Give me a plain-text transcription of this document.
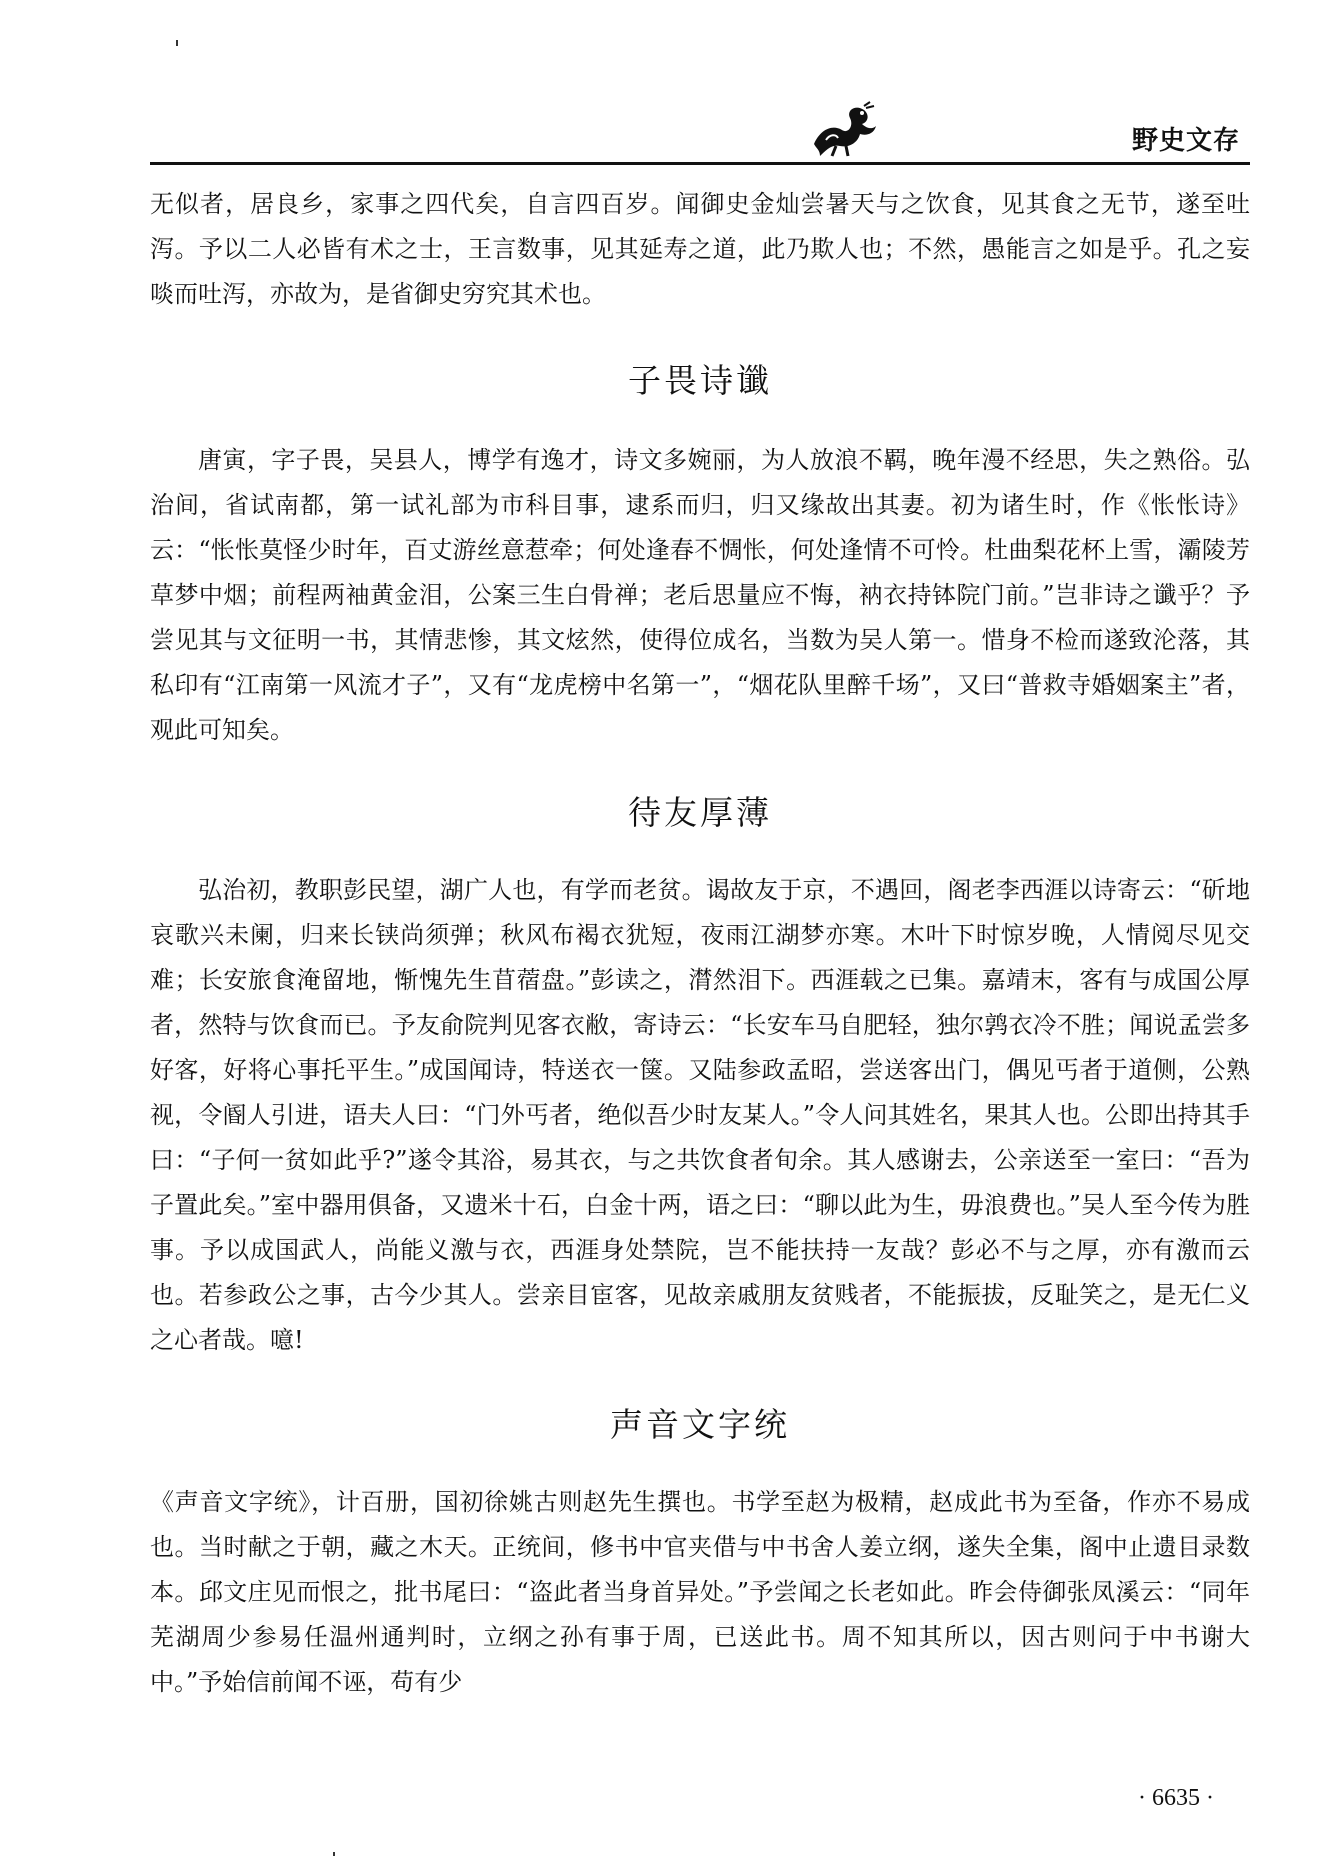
野史文存

无似者，居良乡，家事之四代矣，自言四百岁。闻御史金灿尝暑天与之饮食，见其食之无节，遂至吐泻。予以二人必皆有术之士，王言数事，见其延寿之道，此乃欺人也；不然，愚能言之如是乎。孔之妄啖而吐泻，亦故为，是省御史穷究其术也。

子畏诗谶

唐寅，字子畏，吴县人，博学有逸才，诗文多婉丽，为人放浪不羁，晚年漫不经思，失之熟俗。弘治间，省试南都，第一试礼部为市科目事，逮系而归，归又缘故出其妻。初为诸生时，作《怅怅诗》云：“怅怅莫怪少时年，百丈游丝意惹牵；何处逢春不惆怅，何处逢情不可怜。杜曲梨花杯上雪，灞陵芳草梦中烟；前程两袖黄金泪，公案三生白骨禅；老后思量应不悔，衲衣持钵院门前。”岂非诗之谶乎？予尝见其与文征明一书，其情悲惨，其文炫然，使得位成名，当数为吴人第一。惜身不检而遂致沦落，其私印有“江南第一风流才子”，又有“龙虎榜中名第一”，“烟花队里醉千场”，又曰“普救寺婚姻案主”者，观此可知矣。

待友厚薄

弘治初，教职彭民望，湖广人也，有学而老贫。谒故友于京，不遇回，阁老李西涯以诗寄云：“斫地哀歌兴未阑，归来长铗尚须弹；秋风布褐衣犹短，夜雨江湖梦亦寒。木叶下时惊岁晚，人情阅尽见交难；长安旅食淹留地，惭愧先生苜蓿盘。”彭读之，潸然泪下。西涯载之已集。嘉靖末，客有与成国公厚者，然特与饮食而已。予友俞院判见客衣敝，寄诗云：“长安车马自肥轻，独尔鹑衣冷不胜；闻说孟尝多好客，好将心事托平生。”成国闻诗，特送衣一箧。又陆参政孟昭，尝送客出门，偶见丐者于道侧，公熟视，令阍人引进，语夫人曰：“门外丐者，绝似吾少时友某人。”令人问其姓名，果其人也。公即出持其手曰：“子何一贫如此乎?”遂令其浴，易其衣，与之共饮食者旬余。其人感谢去，公亲送至一室曰：“吾为子置此矣。”室中器用俱备，又遗米十石，白金十两，语之曰：“聊以此为生，毋浪费也。”吴人至今传为胜事。予以成国武人，尚能义激与衣，西涯身处禁院，岂不能扶持一友哉？彭必不与之厚，亦有激而云也。若参政公之事，古今少其人。尝亲目宦客，见故亲戚朋友贫贱者，不能振拔，反耻笑之，是无仁义之心者哉。噫!

声音文字统

《声音文字统》，计百册，国初徐姚古则赵先生撰也。书学至赵为极精，赵成此书为至备，作亦不易成也。当时献之于朝，藏之木天。正统间，修书中官夹借与中书舍人姜立纲，遂失全集，阁中止遗目录数本。邱文庄见而恨之，批书尾曰：“盗此者当身首异处。”予尝闻之长老如此。昨会侍御张凤溪云：“同年芜湖周少参易任温州通判时，立纲之孙有事于周，已送此书。周不知其所以，因古则问于中书谢大中。”予始信前闻不诬，苟有少

· 6635 ·
